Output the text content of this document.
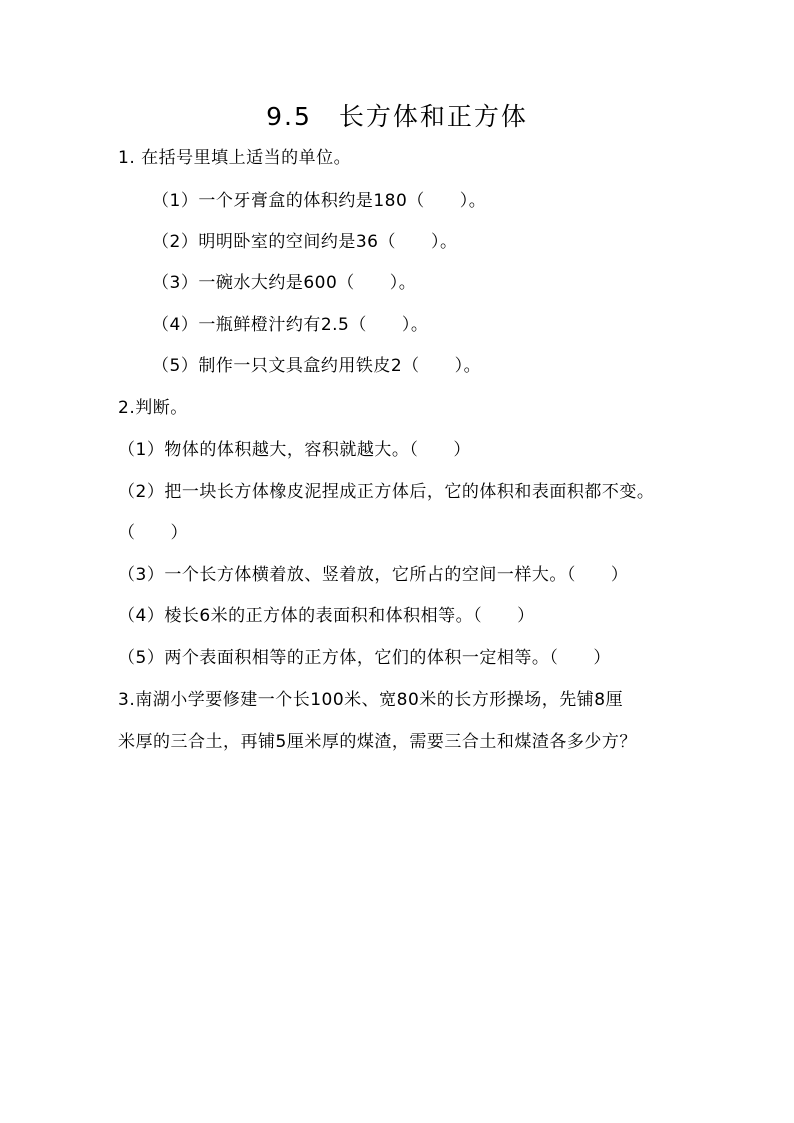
9.5　长方体和正方体
1. 在括号里填上适当的单位。
（1）一个牙膏盒的体积约是180（　　）。
（2）明明卧室的空间约是36（　　）。
（3）一碗水大约是600（　　）。
（4）一瓶鲜橙汁约有2.5（　　）。
（5）制作一只文具盒约用铁皮2（　　）。
2.判断。
（1）物体的体积越大，容积就越大。（　　）
（2）把一块长方体橡皮泥捏成正方体后，它的体积和表面积都不变。
（　　）
（3）一个长方体横着放、竖着放，它所占的空间一样大。（　　）
（4）棱长6米的正方体的表面积和体积相等。（　　）
（5）两个表面积相等的正方体，它们的体积一定相等。（　　）
3.南湖小学要修建一个长100米、宽80米的长方形操场，先铺8厘
米厚的三合土，再铺5厘米厚的煤渣，需要三合土和煤渣各多少方？
